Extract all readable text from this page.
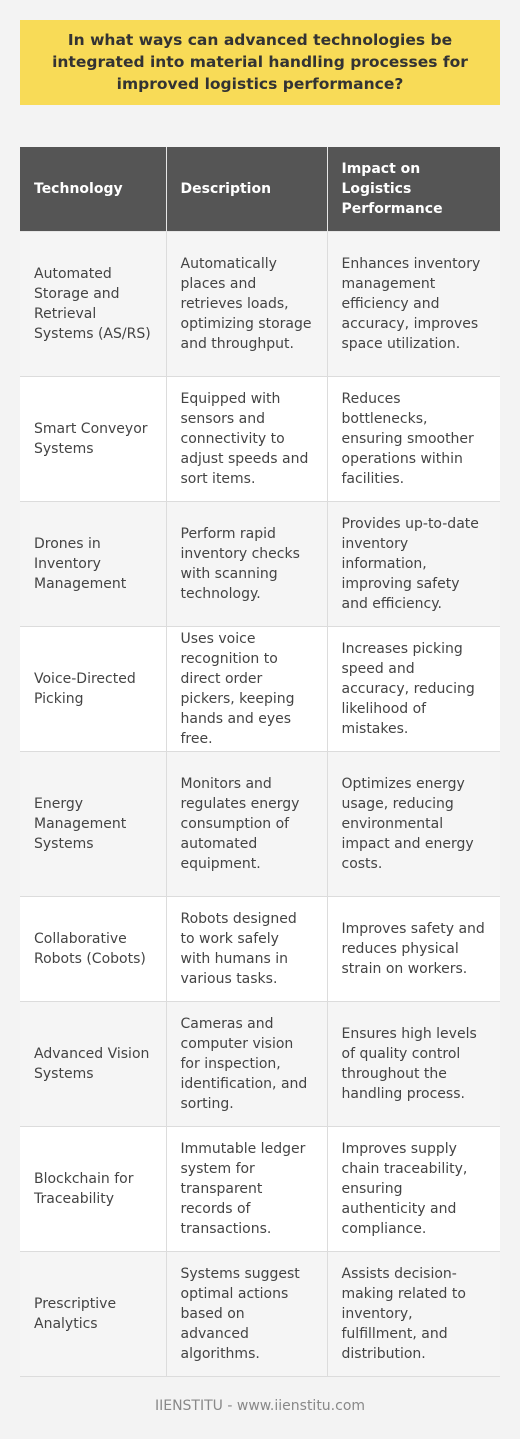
In what ways can advanced technologies be integrated into material handling processes for improved logistics performance?
Technology	Description	Impact on Logistics Performance
Automated Storage and Retrieval Systems (AS/RS)	Automatically places and retrieves loads, optimizing storage and throughput.	Enhances inventory management efficiency and accuracy, improves space utilization.
Smart Conveyor Systems	Equipped with sensors and connectivity to adjust speeds and sort items.	Reduces bottlenecks, ensuring smoother operations within facilities.
Drones in Inventory Management	Perform rapid inventory checks with scanning technology.	Provides up-to-date inventory information, improving safety and efficiency.
Voice-Directed Picking	Uses voice recognition to direct order pickers, keeping hands and eyes free.	Increases picking speed and accuracy, reducing likelihood of mistakes.
Energy Management Systems	Monitors and regulates energy consumption of automated equipment.	Optimizes energy usage, reducing environmental impact and energy costs.
Collaborative Robots (Cobots)	Robots designed to work safely with humans in various tasks.	Improves safety and reduces physical strain on workers.
Advanced Vision Systems	Cameras and computer vision for inspection, identification, and sorting.	Ensures high levels of quality control throughout the handling process.
Blockchain for Traceability	Immutable ledger system for transparent records of transactions.	Improves supply chain traceability, ensuring authenticity and compliance.
Prescriptive Analytics	Systems suggest optimal actions based on advanced algorithms.	Assists decision-making related to inventory, fulfillment, and distribution.
IIENSTITU - www.iienstitu.com
